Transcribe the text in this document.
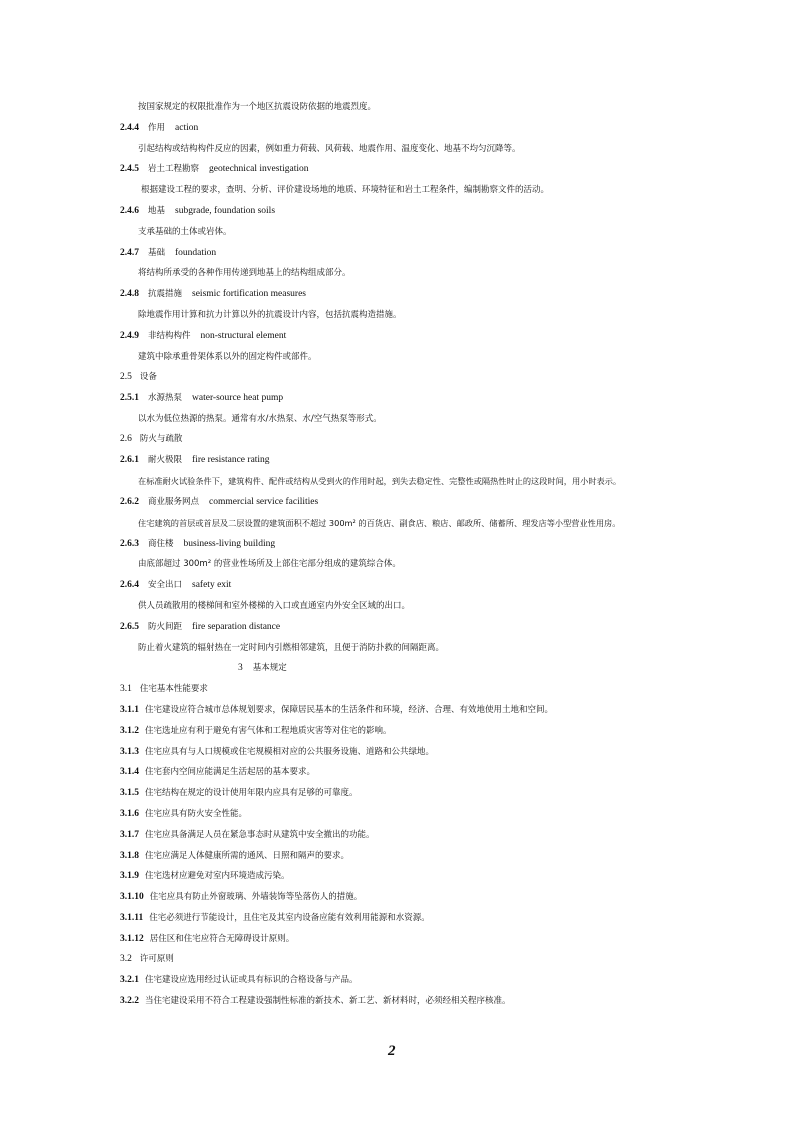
按国家规定的权限批准作为一个地区抗震设防依据的地震烈度。
2.4.4 作用 action
引起结构或结构构件反应的因素，例如重力荷载、风荷载、地震作用、温度变化、地基不均匀沉降等。
2.4.5 岩土工程勘察 geotechnical investigation
根据建设工程的要求，查明、分析、评价建设场地的地质、环境特征和岩土工程条件，编制勘察文件的活动。
2.4.6 地基 subgrade, foundation soils
支承基础的土体或岩体。
2.4.7 基础 foundation
将结构所承受的各种作用传递到地基上的结构组成部分。
2.4.8 抗震措施 seismic fortification measures
除地震作用计算和抗力计算以外的抗震设计内容，包括抗震构造措施。
2.4.9 非结构构件 non-structural element
建筑中除承重骨架体系以外的固定构件或部件。
2.5 设备
2.5.1 水源热泵 water-source heat pump
以水为低位热源的热泵。通常有水/水热泵、水/空气热泵等形式。
2.6 防火与疏散
2.6.1 耐火极限 fire resistance rating
在标准耐火试验条件下，建筑构件、配件或结构从受到火的作用时起，到失去稳定性、完整性或隔热性时止的这段时间，用小时表示。
2.6.2 商业服务网点 commercial service facilities
住宅建筑的首层或首层及二层设置的建筑面积不超过 300m² 的百货店、副食店、粮店、邮政所、储蓄所、理发店等小型营业性用房。
2.6.3 商住楼 business-living building
由底部超过 300m² 的营业性场所及上部住宅部分组成的建筑综合体。
2.6.4 安全出口 safety exit
供人员疏散用的楼梯间和室外楼梯的入口或直通室内外安全区域的出口。
2.6.5 防火间距 fire separation distance
防止着火建筑的辐射热在一定时间内引燃相邻建筑，且便于消防扑救的间隔距离。
3 基本规定
3.1 住宅基本性能要求
3.1.1 住宅建设应符合城市总体规划要求，保障居民基本的生活条件和环境，经济、合理、有效地使用土地和空间。
3.1.2 住宅选址应有利于避免有害气体和工程地质灾害等对住宅的影响。
3.1.3 住宅应具有与人口规模或住宅规模相对应的公共服务设施、道路和公共绿地。
3.1.4 住宅套内空间应能满足生活起居的基本要求。
3.1.5 住宅结构在规定的设计使用年限内应具有足够的可靠度。
3.1.6 住宅应具有防火安全性能。
3.1.7 住宅应具备满足人员在紧急事态时从建筑中安全撤出的功能。
3.1.8 住宅应满足人体健康所需的通风、日照和隔声的要求。
3.1.9 住宅选材应避免对室内环境造成污染。
3.1.10 住宅应具有防止外窗玻璃、外墙装饰等坠落伤人的措施。
3.1.11 住宅必须进行节能设计，且住宅及其室内设备应能有效利用能源和水资源。
3.1.12 居住区和住宅应符合无障碍设计原则。
3.2 许可原则
3.2.1 住宅建设应选用经过认证或具有标识的合格设备与产品。
3.2.2 当住宅建设采用不符合工程建设强制性标准的新技术、新工艺、新材料时，必须经相关程序核准。
2
